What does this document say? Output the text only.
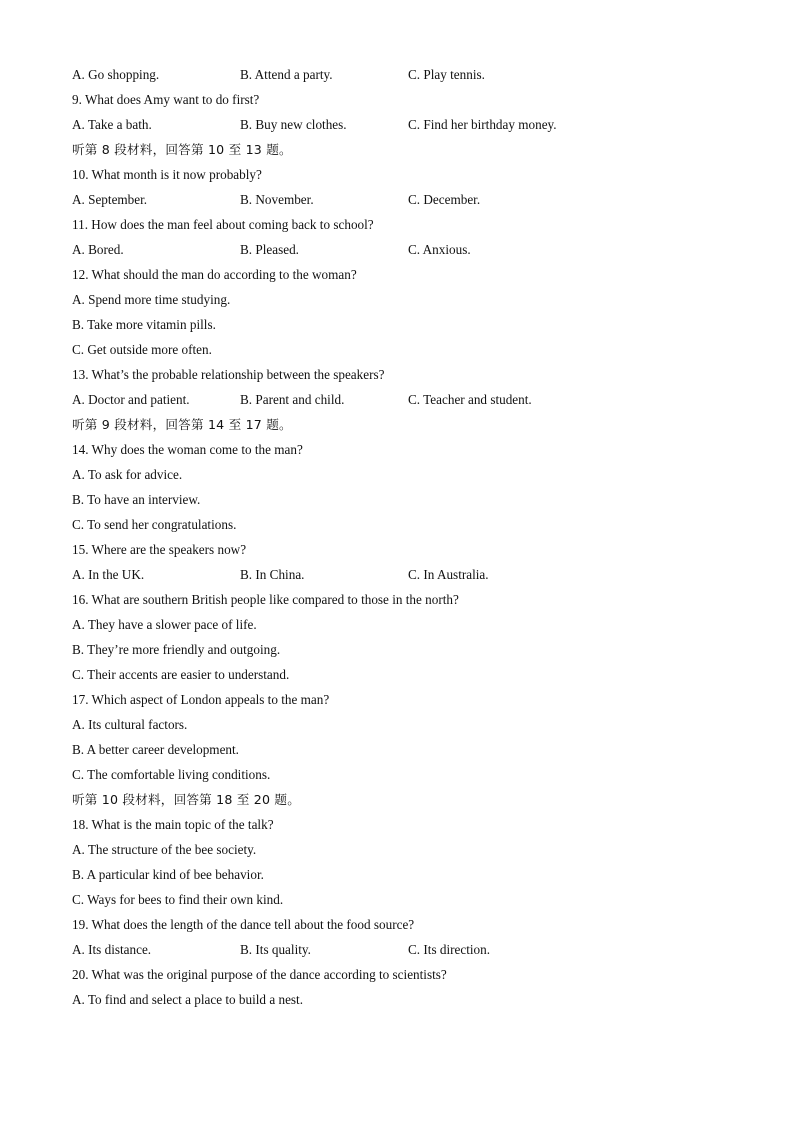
A. Go shopping.	B. Attend a party.	C. Play tennis.
9. What does Amy want to do first?
A. Take a bath.	B. Buy new clothes.	C. Find her birthday money.
听第 8 段材料，回答第 10 至 13 题。
10. What month is it now probably?
A. September.	B. November.	C. December.
11. How does the man feel about coming back to school?
A. Bored.	B. Pleased.	C. Anxious.
12. What should the man do according to the woman?
A. Spend more time studying.
B. Take more vitamin pills.
C. Get outside more often.
13. What’s the probable relationship between the speakers?
A. Doctor and patient.	B. Parent and child.	C. Teacher and student.
听第 9 段材料，回答第 14 至 17 题。
14. Why does the woman come to the man?
A. To ask for advice.
B. To have an interview.
C. To send her congratulations.
15. Where are the speakers now?
A. In the UK.	B. In China.	C. In Australia.
16. What are southern British people like compared to those in the north?
A. They have a slower pace of life.
B. They’re more friendly and outgoing.
C. Their accents are easier to understand.
17. Which aspect of London appeals to the man?
A. Its cultural factors.
B. A better career development.
C. The comfortable living conditions.
听第 10 段材料，回答第 18 至 20 题。
18. What is the main topic of the talk?
A. The structure of the bee society.
B. A particular kind of bee behavior.
C. Ways for bees to find their own kind.
19. What does the length of the dance tell about the food source?
A. Its distance.	B. Its quality.	C. Its direction.
20. What was the original purpose of the dance according to scientists?
A. To find and select a place to build a nest.
